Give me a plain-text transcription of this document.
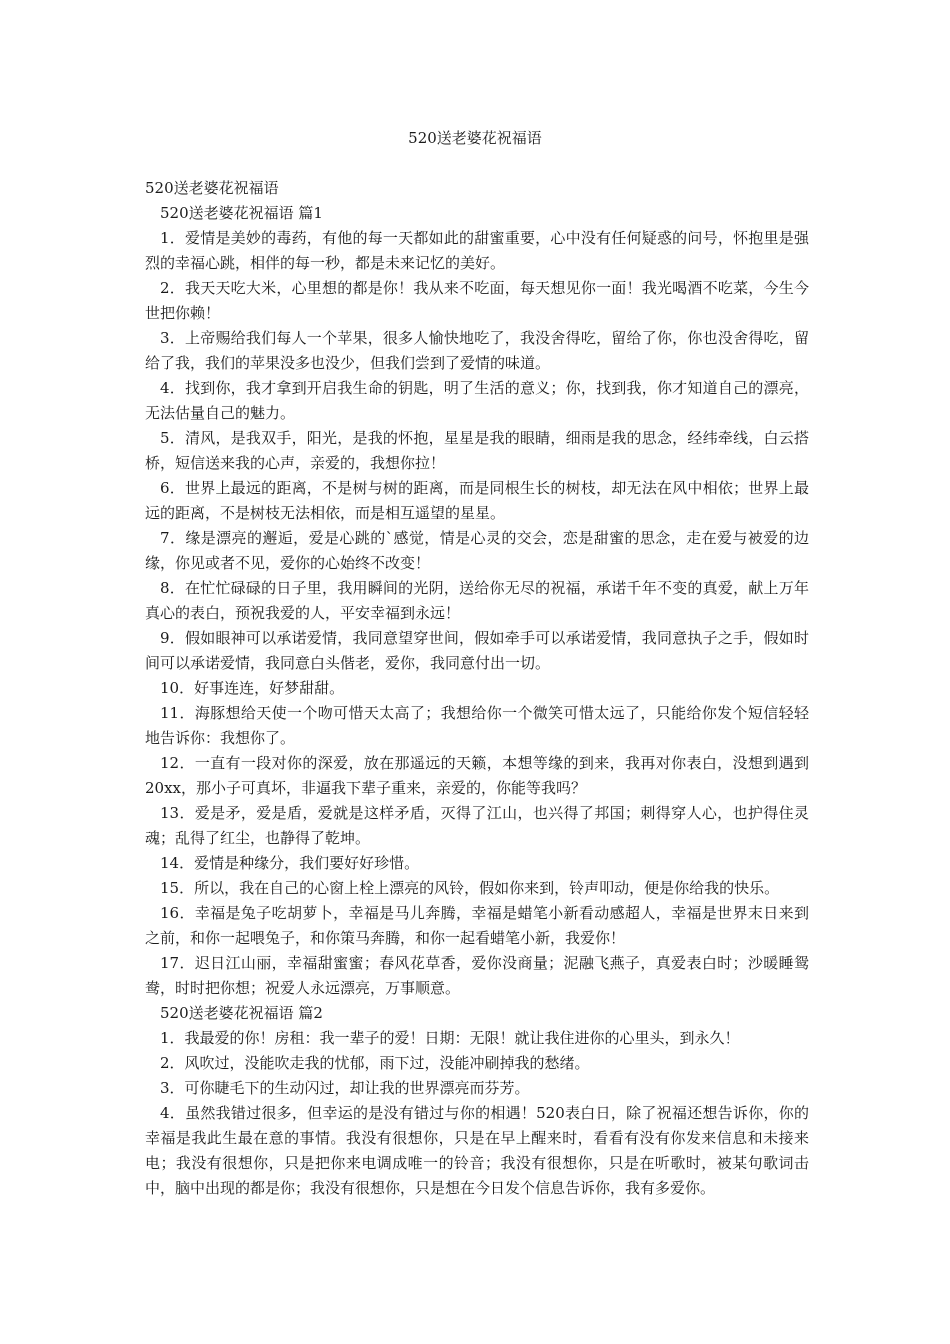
520送老婆花祝福语

520送老婆花祝福语

520送老婆花祝福语 篇1

1．爱情是美妙的毒药，有他的每一天都如此的甜蜜重要，心中没有任何疑惑的问号，怀抱里是强烈的幸福心跳，相伴的每一秒，都是未来记忆的美好。

2．我天天吃大米，心里想的都是你！我从来不吃面，每天想见你一面！我光喝酒不吃菜，今生今世把你赖！

3．上帝赐给我们每人一个苹果，很多人愉快地吃了，我没舍得吃，留给了你，你也没舍得吃，留给了我，我们的苹果没多也没少，但我们尝到了爱情的味道。

4．找到你，我才拿到开启我生命的钥匙，明了生活的意义；你，找到我，你才知道自己的漂亮，无法估量自己的魅力。

5．清风，是我双手，阳光，是我的怀抱，星星是我的眼睛，细雨是我的思念，经纬牵线，白云搭桥，短信送来我的心声，亲爱的，我想你拉！

6．世界上最远的距离，不是树与树的距离，而是同根生长的树枝，却无法在风中相依；世界上最远的距离，不是树枝无法相依，而是相互遥望的星星。

7．缘是漂亮的邂逅，爱是心跳的`感觉，情是心灵的交会，恋是甜蜜的思念，走在爱与被爱的边缘，你见或者不见，爱你的心始终不改变！

8．在忙忙碌碌的日子里，我用瞬间的光阴，送给你无尽的祝福，承诺千年不变的真爱，献上万年真心的表白，预祝我爱的人，平安幸福到永远！

9．假如眼神可以承诺爱情，我同意望穿世间，假如牵手可以承诺爱情，我同意执子之手，假如时间可以承诺爱情，我同意白头偕老，爱你，我同意付出一切。

10．好事连连，好梦甜甜。

11．海豚想给天使一个吻可惜天太高了；我想给你一个微笑可惜太远了，只能给你发个短信轻轻地告诉你：我想你了。

12．一直有一段对你的深爱，放在那遥远的天籁，本想等缘的到来，我再对你表白，没想到遇到20xx，那小子可真坏，非逼我下辈子重来，亲爱的，你能等我吗？

13．爱是矛，爱是盾，爱就是这样矛盾，灭得了江山，也兴得了邦国；刺得穿人心，也护得住灵魂；乱得了红尘，也静得了乾坤。

14．爱情是种缘分，我们要好好珍惜。

15．所以，我在自己的心窗上栓上漂亮的风铃，假如你来到，铃声叩动，便是你给我的快乐。

16．幸福是兔子吃胡萝卜，幸福是马儿奔腾，幸福是蜡笔小新看动感超人，幸福是世界末日来到之前，和你一起喂兔子，和你策马奔腾，和你一起看蜡笔小新，我爱你！

17．迟日江山丽，幸福甜蜜蜜；春风花草香，爱你没商量；泥融飞燕子，真爱表白时；沙暖睡鸳鸯，时时把你想；祝爱人永远漂亮，万事顺意。

520送老婆花祝福语 篇2

1．我最爱的你！房租：我一辈子的爱！日期：无限！就让我住进你的心里头，到永久！

2．风吹过，没能吹走我的忧郁，雨下过，没能冲刷掉我的愁绪。

3．可你睫毛下的生动闪过，却让我的世界漂亮而芬芳。

4．虽然我错过很多，但幸运的是没有错过与你的相遇！520表白日，除了祝福还想告诉你，你的幸福是我此生最在意的事情。我没有很想你，只是在早上醒来时，看看有没有你发来信息和未接来电；我没有很想你，只是把你来电调成唯一的铃音；我没有很想你，只是在听歌时，被某句歌词击中，脑中出现的都是你；我没有很想你，只是想在今日发个信息告诉你，我有多爱你。
